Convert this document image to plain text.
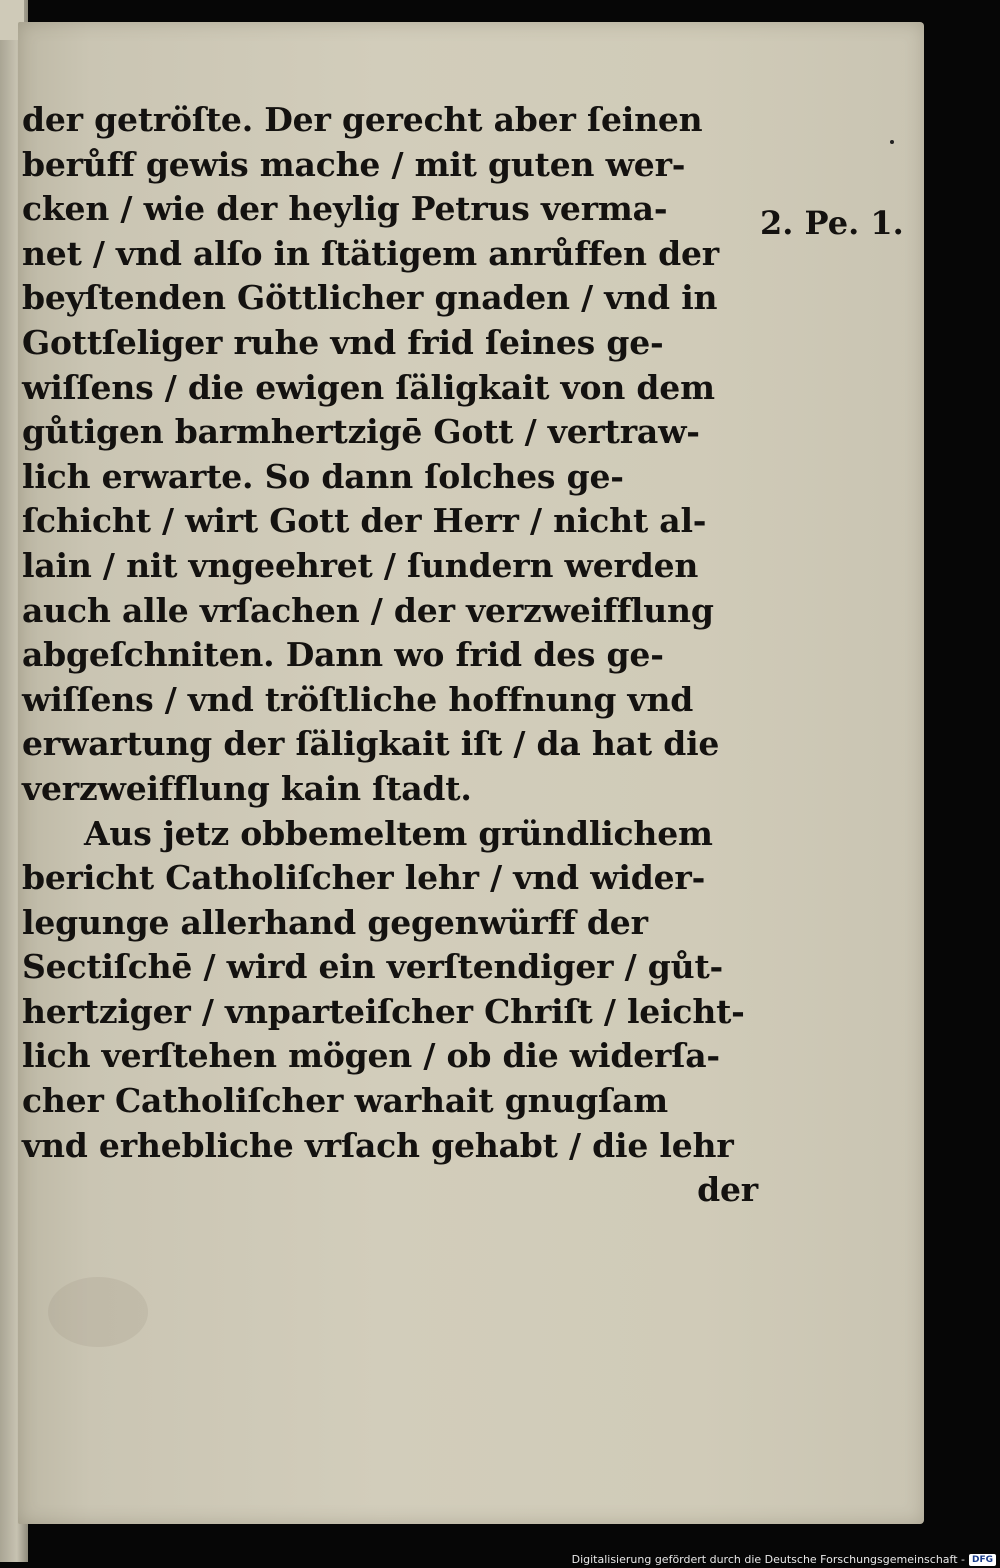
der getröſte. Der gerecht aber ſeinen
berůff gewis mache / mit guten wer-
cken / wie der heylig Petrus verma-
net / vnd alſo in ſtätigem anrůffen der
beyſtenden Göttlicher gnaden / vnd in
Gottſeliger ruhe vnd frid ſeines ge-
wiſſens / die ewigen ſäligkait von dem
gůtigen barmhertzigē Gott / vertraw-
lich erwarte. So dann ſolches ge-
ſchicht / wirt Gott der Herr / nicht al-
lain / nit vngeehret / ſundern werden
auch alle vrſachen / der verzweifflung
abgeſchniten. Dann wo frid des ge-
wiſſens / vnd tröſtliche hoffnung vnd
erwartung der ſäligkait iſt / da hat die
verzweifflung kain ſtadt.
Aus jetz obbemeltem gründlichem
bericht Catholiſcher lehr / vnd wider-
legunge allerhand gegenwürff der
Sectiſchē / wird ein verſtendiger / gůt-
hertziger / vnparteiſcher Chriſt / leicht-
lich verſtehen mögen / ob die widerſa-
cher Catholiſcher warhait gnugſam
vnd erhebliche vrſach gehabt / die lehr
der
2. Pe. 1.
Digitalisierung gefördert durch die Deutsche Forschungsgemeinschaft - DFG
